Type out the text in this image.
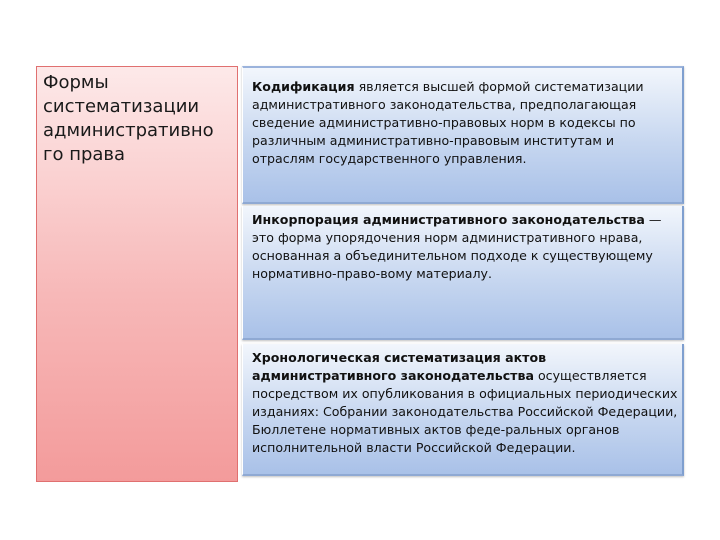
Формы
систематизации
административно
го права
Кодификация является высшей формой систематизации административного законодательства, предполагающая сведение административно-правовых норм в кодексы по различным административно-правовым институтам и отраслям государственного управления.
Инкорпорация административного законодательства — это форма упорядочения норм административного нрава, основанная а объединительном подходе к существующему нормативно-право-вому материалу.
Хронологическая систематизация актов административного законодательства осуществляется посредством их опубликования в официальных периодических изданиях: Собрании законодательства Российской Федерации, Бюллетене нормативных актов феде-ральных органов исполнительной власти Российской Федерации.
